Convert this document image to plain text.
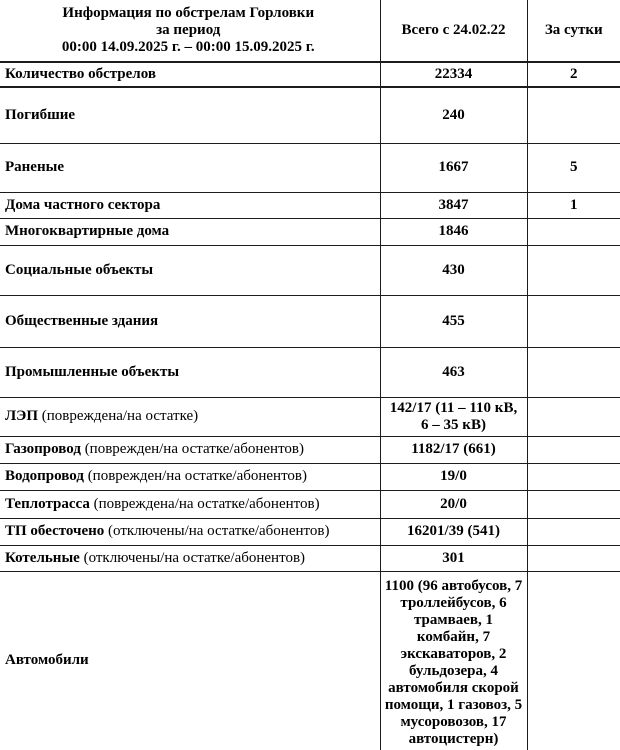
Информация по обстрелам Горловки
за период
00:00 14.09.2025 г. – 00:00 15.09.2025 г.	Всего с 24.02.22	За сутки
Количество обстрелов	22334	2
Погибшие	240	
Раненые	1667	5
Дома частного сектора	3847	1
Многоквартирные дома	1846	
Социальные объекты	430	
Общественные здания	455	
Промышленные объекты	463	
ЛЭП (повреждена/на остатке)	142/17 (11 – 110 кВ, 6 – 35 кВ)	
Газопровод (поврежден/на остатке/абонентов)	1182/17 (661)	
Водопровод (поврежден/на остатке/абонентов)	19/0	
Теплотрасса (повреждена/на остатке/абонентов)	20/0	
ТП обесточено (отключены/на остатке/абонентов)	16201/39 (541)	
Котельные (отключены/на остатке/абонентов)	301	
Автомобили	1100 (96 автобусов, 7 троллейбусов, 6 трамваев, 1 комбайн, 7 экскаваторов, 2 бульдозера, 4 автомобиля скорой помощи, 1 газовоз, 5 мусоровозов, 17 автоцистерн)	
